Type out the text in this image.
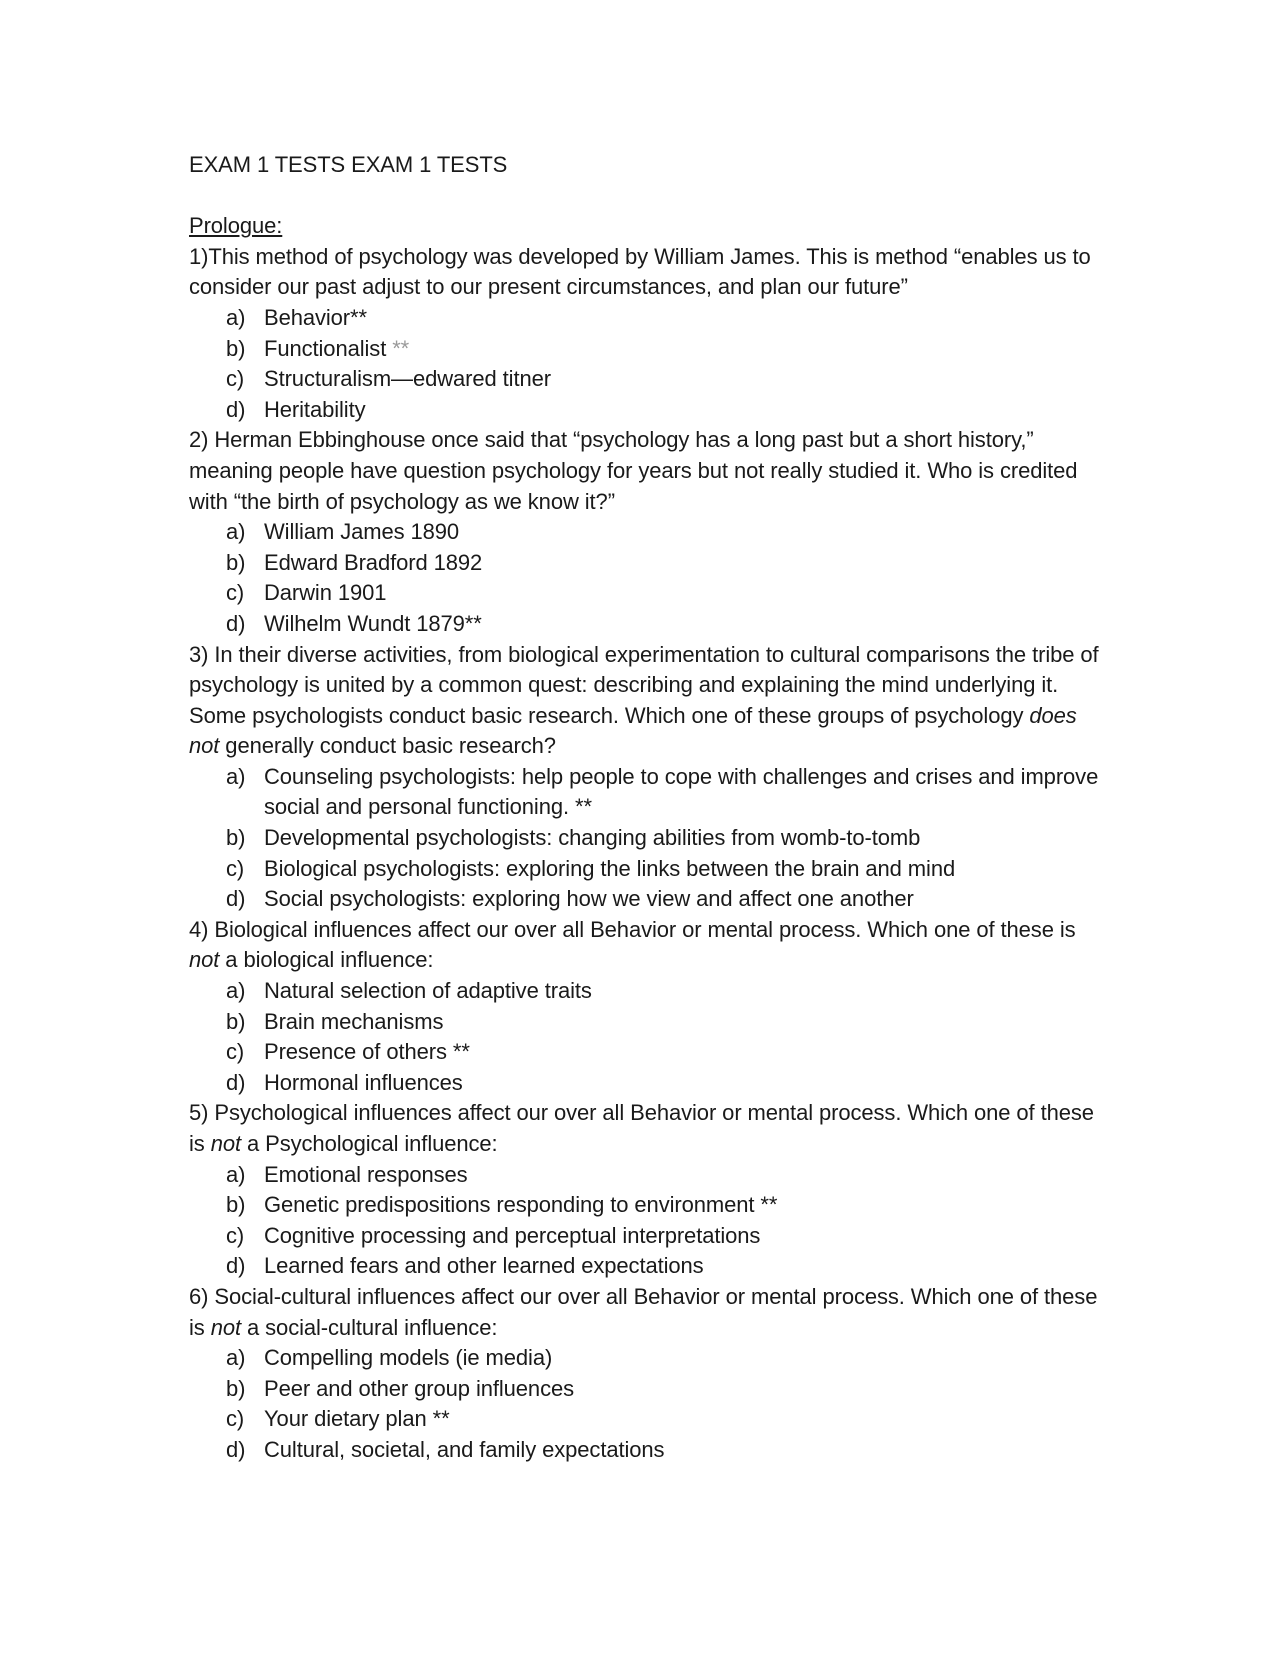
EXAM 1 TESTS EXAM 1 TESTS

Prologue:

1)This method of psychology was developed by William James. This is method “enables us to consider our past adjust to our present circumstances, and plan our future”

a) Behavior**
b) Functionalist **
c) Structuralism—edwared titner
d) Heritability

2) Herman Ebbinghouse once said that “psychology has a long past but a short history,” meaning people have question psychology for years but not really studied it. Who is credited with “the birth of psychology as we know it?”

a) William James 1890
b) Edward Bradford 1892
c) Darwin 1901
d) Wilhelm Wundt 1879**

3) In their diverse activities, from biological experimentation to cultural comparisons the tribe of psychology is united by a common quest: describing and explaining the mind underlying it. Some psychologists conduct basic research. Which one of these groups of psychology does not generally conduct basic research?

a) Counseling psychologists: help people to cope with challenges and crises and improve social and personal functioning. **
b) Developmental psychologists: changing abilities from womb-to-tomb
c) Biological psychologists: exploring the links between the brain and mind
d) Social psychologists: exploring how we view and affect one another

4) Biological influences affect our over all Behavior or mental process. Which one of these is not a biological influence:

a) Natural selection of adaptive traits
b) Brain mechanisms
c) Presence of others **
d) Hormonal influences

5) Psychological influences affect our over all Behavior or mental process. Which one of these is not a Psychological influence:

a) Emotional responses
b) Genetic predispositions responding to environment **
c) Cognitive processing and perceptual interpretations
d) Learned fears and other learned expectations

6) Social-cultural influences affect our over all Behavior or mental process. Which one of these is not a social-cultural influence:

a) Compelling models (ie media)
b) Peer and other group influences
c) Your dietary plan **
d) Cultural, societal, and family expectations
